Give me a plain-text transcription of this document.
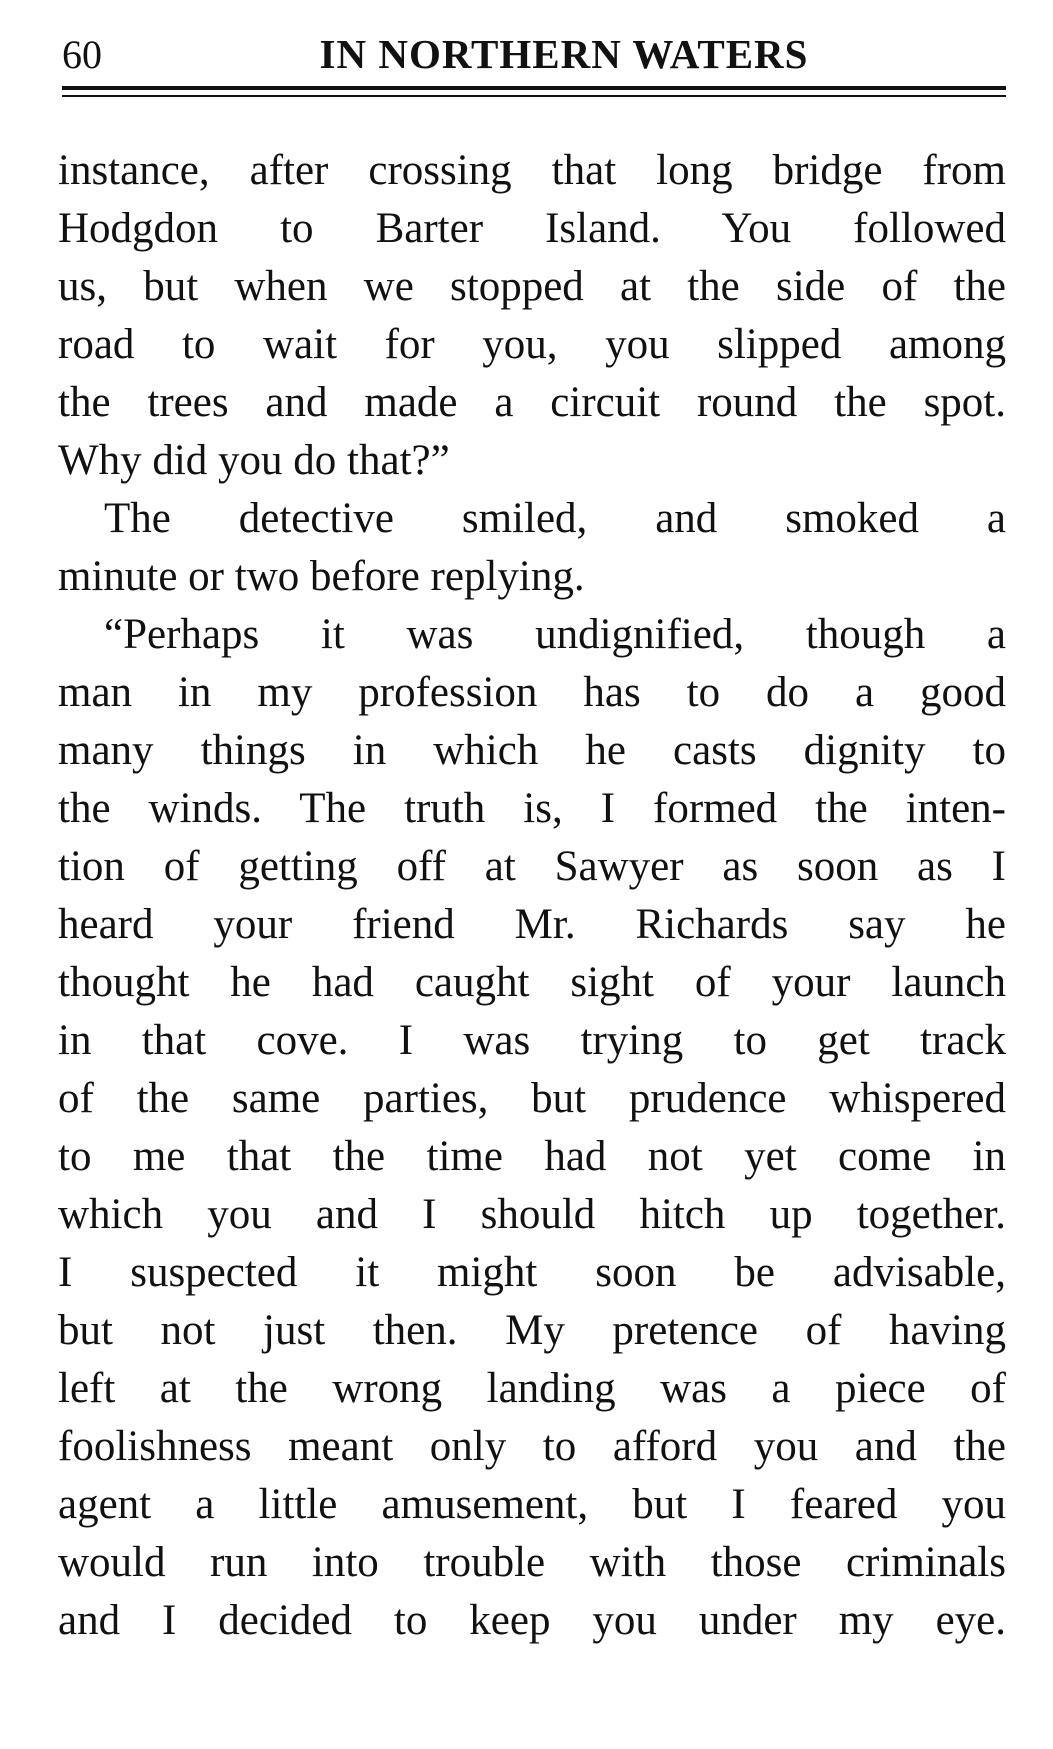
60	IN NORTHERN WATERS
instance, after crossing that long bridge from
Hodgdon to Barter Island. You followed
us, but when we stopped at the side of the
road to wait for you, you slipped among
the trees and made a circuit round the spot.
Why did you do that?”
The detective smiled, and smoked a
minute or two before replying.
“Perhaps it was undignified, though a
man in my profession has to do a good
many things in which he casts dignity to
the winds. The truth is, I formed the inten-
tion of getting off at Sawyer as soon as I
heard your friend Mr. Richards say he
thought he had caught sight of your launch
in that cove. I was trying to get track
of the same parties, but prudence whispered
to me that the time had not yet come in
which you and I should hitch up together.
I suspected it might soon be advisable,
but not just then. My pretence of having
left at the wrong landing was a piece of
foolishness meant only to afford you and the
agent a little amusement, but I feared you
would run into trouble with those criminals
and I decided to keep you under my eye.
